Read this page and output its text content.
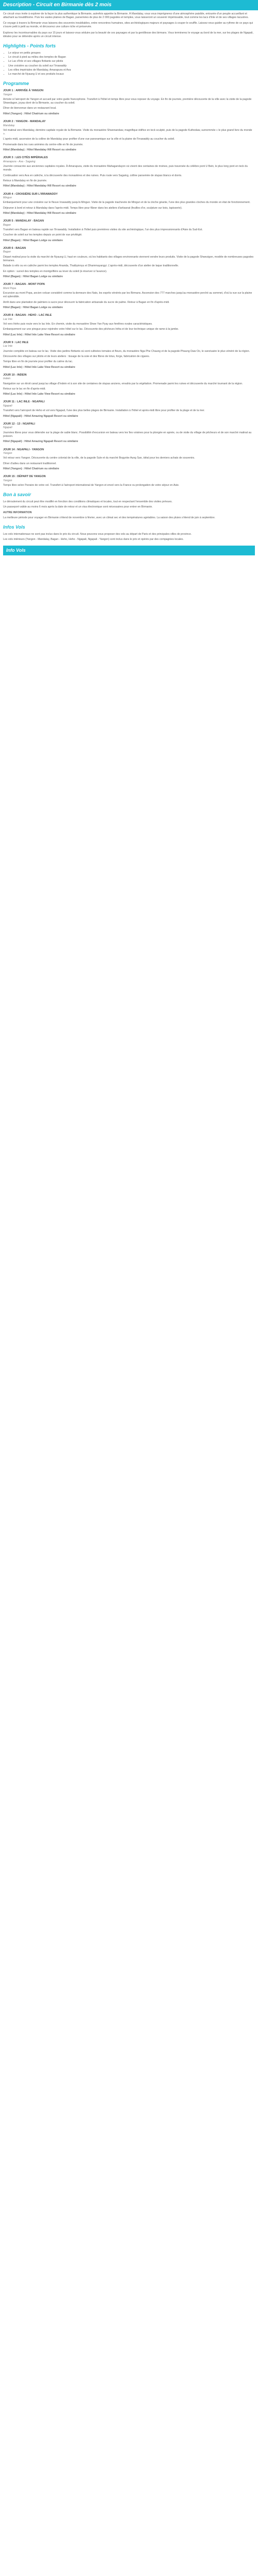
Description - Circuit en Birmanie dès 2 mois

Ce circuit vous invite à explorer de la façon la plus authentique la Birmanie, autrefois appelée la Birmanie. À Mandalay, vous vous imprégnerez d'une atmosphère paisible, entourée d'un peuple accueillant et attachant au bouddhisme. Puis les vastes plaines de Bagan, parsemées de plus de 2 000 pagodes et temples, vous laisseront un souvenir impérissable, tout comme les lacs d'Inle et de ses villages lacustres.

Ce voyage à travers la Birmanie vous laissera des souvenirs inoubliables, entre rencontres humaines, sites archéologiques majeurs et paysages à couper le souffle. Laissez-vous guider au rythme de ce pays qui s'ouvre petit à petit au monde, et découvrez une culture riche et préservée.

Explorez les incontournables du pays sur 15 jours et laissez-vous séduire par la beauté de ces paysages et par la gentillesse des birmans. Vous terminerez le voyage au bord de la mer, sur les plages de Ngapali, idéales pour se détendre après un circuit intense.

Highlights - Points forts
• Le séjour en petits groupes
• Le circuit à pied au milieu des temples de Bagan
• Le Lac d'Inle et ses villages flottants sur pilotis
• Une croisière au coucher du soleil sur l'Irrawaddy
• Les villes impériales de Mandalay, Amarapura et Ava
• Le marché de Nyaung U et ses produits locaux
Programme
JOUR 1 : ARRIVÉE À YANGON
Yangon

Arrivée à l'aéroport de Yangon et accueil par votre guide francophone. Transfert à l'hôtel et temps libre pour vous reposer du voyage. En fin de journée, première découverte de la ville avec la visite de la pagode Shwedagon, joyau doré de la Birmanie, au coucher du soleil.

Dîner de bienvenue dans un restaurant local.

Hôtel (Yangon) : Hôtel Chatrium ou similaire
JOUR 2 : YANGON - MANDALAY
Mandalay

Vol matinal vers Mandalay, dernière capitale royale de la Birmanie. Visite du monastère Shwenandaw, magnifique édifice en teck sculpté, puis de la pagode Kuthodaw, surnommée « le plus grand livre du monde ».

L'après-midi, ascension de la colline de Mandalay pour profiter d'une vue panoramique sur la ville et la plaine de l'Irrawaddy au coucher du soleil.

Promenade dans les rues animées du centre-ville en fin de journée.

Hôtel (Mandalay) : Hôtel Mandalay Hill Resort ou similaire
JOUR 3 : LES CITÉS IMPÉRIALES
Amarapura - Ava - Sagaing

Journée consacrée aux anciennes capitales royales. À Amarapura, visite du monastère Mahagandayon où vivent des centaines de moines, puis traversée du célèbre pont U Bein, le plus long pont en teck du monde.

Continuation vers Ava en calèche, à la découverte des monastères et des ruines. Puis route vers Sagaing, colline parsemée de stupas blancs et dorés.

Retour à Mandalay en fin de journée.

Hôtel (Mandalay) : Hôtel Mandalay Hill Resort ou similaire
JOUR 4 : CROISIÈRE SUR L'IRRAWADDY
Mingun

Embarquement pour une croisière sur le fleuve Irrawaddy jusqu'à Mingun. Visite de la pagode inachevée de Mingun et de la cloche géante, l'une des plus grandes cloches du monde en état de fonctionnement.

Déjeuner à bord et retour à Mandalay dans l'après-midi. Temps libre pour flâner dans les ateliers d'artisanat (feuilles d'or, sculpture sur bois, tapisserie).

Hôtel (Mandalay) : Hôtel Mandalay Hill Resort ou similaire
JOUR 5 : MANDALAY - BAGAN
Bagan

Transfert vers Bagan en bateau rapide sur l'Irrawaddy. Installation à l'hôtel puis premières visites du site archéologique, l'un des plus impressionnants d'Asie du Sud-Est.

Coucher de soleil sur les temples depuis un point de vue privilégié.

Hôtel (Bagan) : Hôtel Bagan Lodge ou similaire
JOUR 6 : BAGAN
Bagan

Départ matinal pour la visite du marché de Nyaung U, haut en couleurs, où les habitants des villages environnants viennent vendre leurs produits. Visite de la pagode Shwezigon, modèle de nombreuses pagodes birmanes.

Balade à vélo ou en calèche parmi les temples Ananda, Thatbyinnyu et Dhammayangyi. L'après-midi, découverte d'un atelier de laque traditionnelle.

En option : survol des temples en montgolfière au lever du soleil (à réserver à l'avance).

Hôtel (Bagan) : Hôtel Bagan Lodge ou similaire
JOUR 7 : BAGAN - MONT POPA
Mont Popa

Excursion au mont Popa, ancien volcan considéré comme la demeure des Nats, les esprits vénérés par les Birmans. Ascension des 777 marches jusqu'au monastère perché au sommet, d'où la vue sur la plaine est splendide.

Arrêt dans une plantation de palmiers à sucre pour découvrir la fabrication artisanale du sucre de palme. Retour à Bagan en fin d'après-midi.

Hôtel (Bagan) : Hôtel Bagan Lodge ou similaire
JOUR 8 : BAGAN - HEHO - LAC INLE
Lac Inle

Vol vers Heho puis route vers le lac Inle. En chemin, visite du monastère Shwe Yan Pyay aux fenêtres ovales caractéristiques.

Embarquement sur une pirogue pour rejoindre votre hôtel sur le lac. Découverte des pêcheurs Intha et de leur technique unique de rame à la jambe.

Hôtel (Lac Inle) : Hôtel Inle Lake View Resort ou similaire
JOUR 9 : LAC INLE
Lac Inle

Journée complète en bateau sur le lac. Visite des jardins flottants où sont cultivées tomates et fleurs, du monastère Nga Phe Chaung et de la pagode Phaung Daw Oo, le sanctuaire le plus vénéré de la région.

Découverte des villages sur pilotis et de leurs ateliers : tissage de la soie et des fibres de lotus, forge, fabrication de cigares.

Temps libre en fin de journée pour profiter du calme du lac.

Hôtel (Lac Inle) : Hôtel Inle Lake View Resort ou similaire
JOUR 10 : INDEIN
Indein

Navigation sur un étroit canal jusqu'au village d'Indein et à son site de centaines de stupas anciens, envahis par la végétation. Promenade parmi les ruines et découverte du marché tournant de la région.

Retour sur le lac en fin d'après-midi.

Hôtel (Lac Inle) : Hôtel Inle Lake View Resort ou similaire
JOUR 11 : LAC INLE - NGAPALI
Ngapali

Transfert vers l'aéroport de Heho et vol vers Ngapali, l'une des plus belles plages de Birmanie. Installation à l'hôtel et après-midi libre pour profiter de la plage et de la mer.

Hôtel (Ngapali) : Hôtel Amazing Ngapali Resort ou similaire
JOUR 12 - 13 : NGAPALI
Ngapali

Journées libres pour vous détendre sur la plage de sable blanc. Possibilité d'excursion en bateau vers les îles voisines pour la plongée en apnée, ou de visite du village de pêcheurs et de son marché matinal au poisson.

Hôtel (Ngapali) : Hôtel Amazing Ngapali Resort ou similaire
JOUR 14 : NGAPALI - YANGON
Yangon

Vol retour vers Yangon. Découverte du centre colonial de la ville, de la pagode Sule et du marché Bogyoke Aung San, idéal pour les derniers achats de souvenirs.

Dîner d'adieu dans un restaurant traditionnel.

Hôtel (Yangon) : Hôtel Chatrium ou similaire
JOUR 15 : DÉPART DE YANGON
Yangon

Temps libre selon l'horaire de votre vol. Transfert à l'aéroport international de Yangon et envol vers la France ou prolongation de votre séjour en Asie.

Bon à savoir

Le déroulement du circuit peut être modifié en fonction des conditions climatiques et locales, tout en respectant l'ensemble des visites prévues.

Un passeport valide au moins 6 mois après la date de retour et un visa électronique sont nécessaires pour entrer en Birmanie.

AUTRE INFORMATION

La meilleure période pour voyager en Birmanie s'étend de novembre à février, avec un climat sec et des températures agréables. La saison des pluies s'étend de juin à septembre.

Infos Vols

Les vols internationaux ne sont pas inclus dans le prix du circuit. Nous pouvons vous proposer des vols au départ de Paris et des principales villes de province.

Les vols intérieurs (Yangon - Mandalay, Bagan - Heho, Heho - Ngapali, Ngapali - Yangon) sont inclus dans le prix et opérés par des compagnies locales.

Info Vols
